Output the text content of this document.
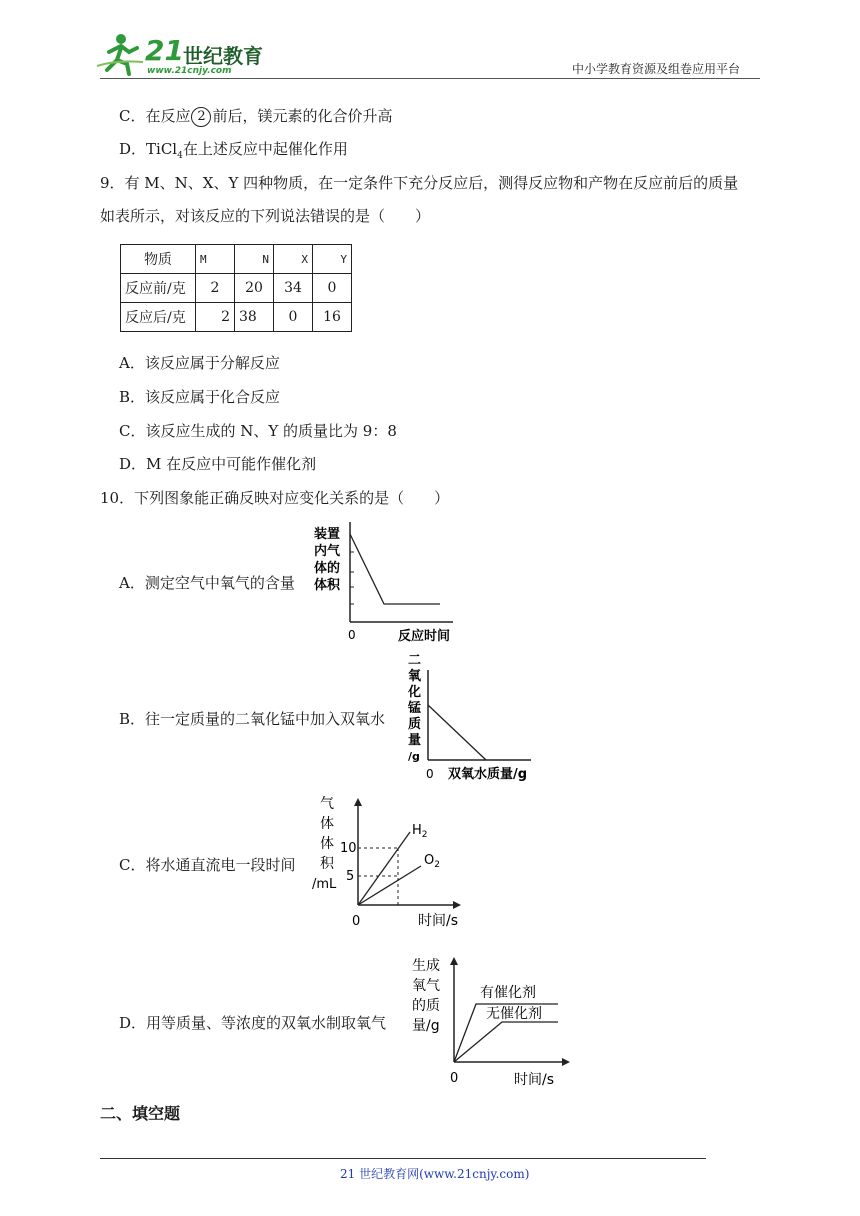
21 世纪教育
www.21cnjy.com	中小学教育资源及组卷应用平台
C．在反应 2 前后，镁元素的化合价升高
D．TiCl$_4$在上述反应中起催化作用
9．有 M、N、X、Y 四种物质，在一定条件下充分反应后，测得反应物和产物在反应前后的质量
如表所示，对该反应的下列说法错误的是（　　）
物质	M	N	X	Y
反应前/克	2	20	34	0
反应后/克	2	38	0	16
A．该反应属于分解反应
B．该反应属于化合反应
C．该反应生成的 N、Y 的质量比为 9：8
D．M 在反应中可能作催化剂
10．下列图象能正确反映对应变化关系的是（　　）
A．测定空气中氧气的含量
装置
内气
体的
体积
0	反应时间
B．往一定质量的二氧化锰中加入双氧水
二
氧
化
锰
质
量
/g
0 双氧水质量/g
C．将水通直流电一段时间
气
体
体
积
/mL
10
5
$H_2$
$O_2$
0	时间/s
D．用等质量、等浓度的双氧水制取氧气
生成
氧气
的质
量/g
有催化剂
无催化剂
0	时间/s
二、填空题
21 世纪教育网(www.21cnjy.com)
